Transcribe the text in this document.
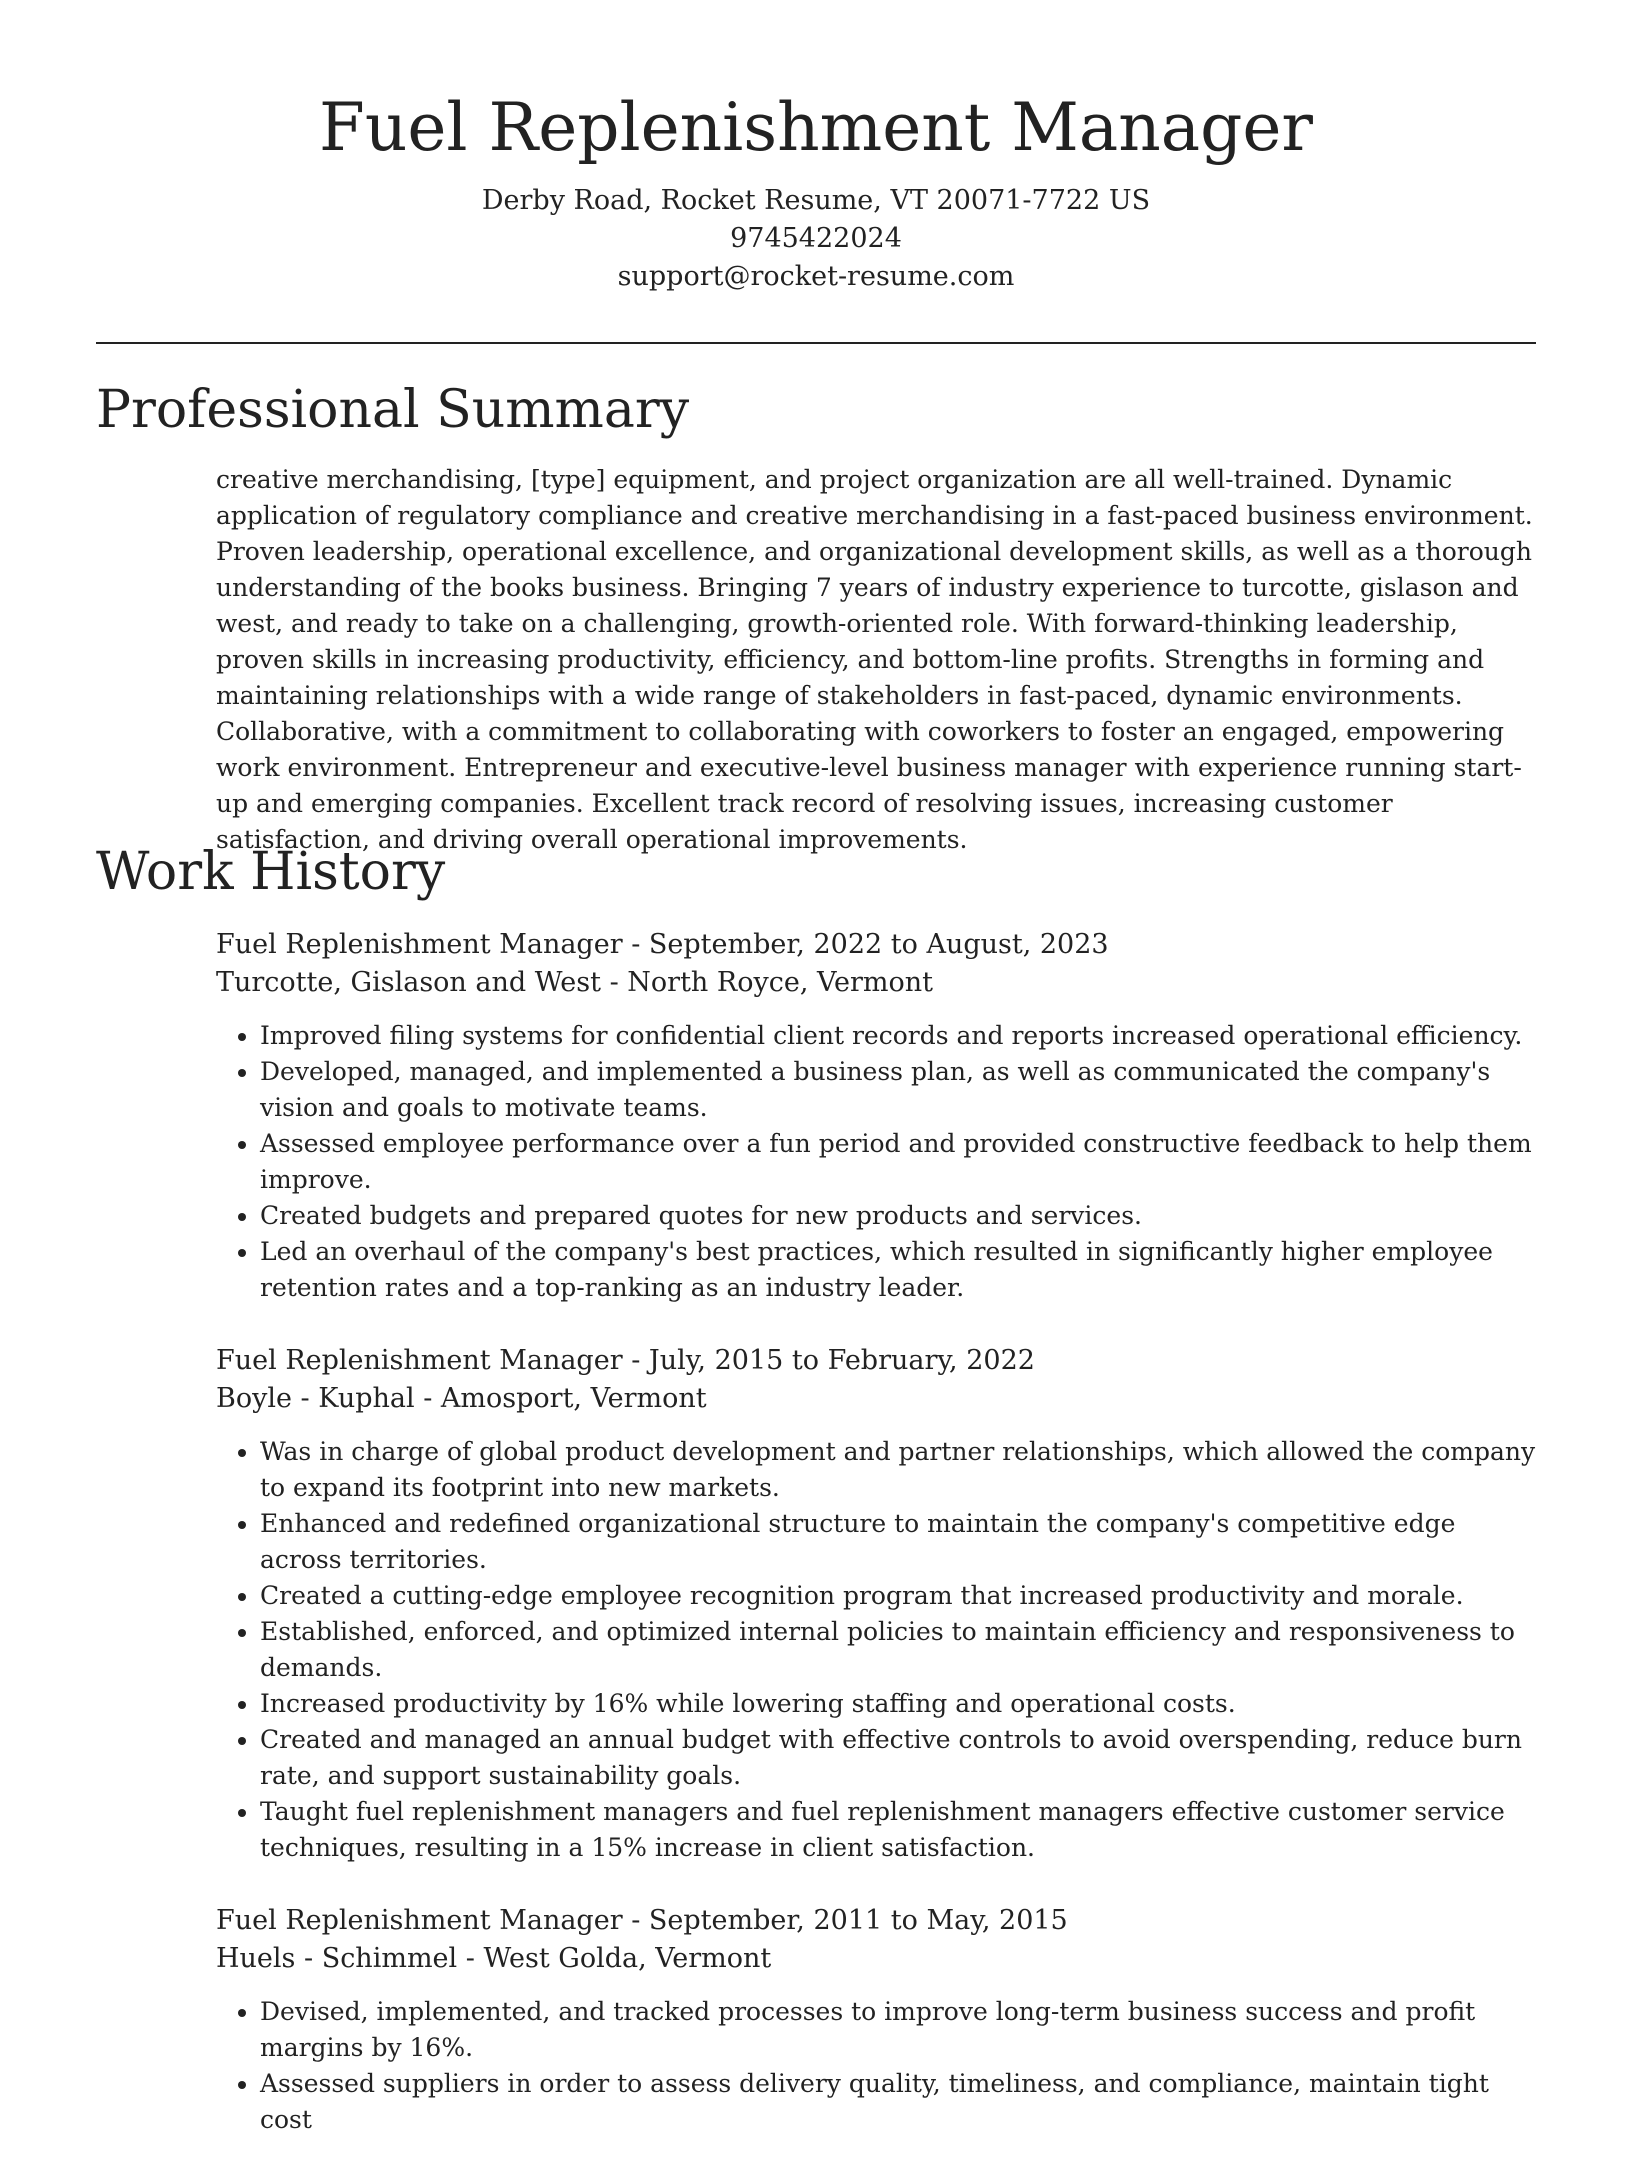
Fuel Replenishment Manager
Derby Road, Rocket Resume, VT 20071-7722 US
9745422024
support@rocket-resume.com
Professional Summary

creative merchandising, [type] equipment, and project organization are all well-trained. Dynamic application of regulatory compliance and creative merchandising in a fast-paced business environment. Proven leadership, operational excellence, and organizational development skills, as well as a thorough understanding of the books business. Bringing 7 years of industry experience to turcotte, gislason and west, and ready to take on a challenging, growth-oriented role. With forward-thinking leadership, proven skills in increasing productivity, efficiency, and bottom-line profits. Strengths in forming and maintaining relationships with a wide range of stakeholders in fast-paced, dynamic environments. Collaborative, with a commitment to collaborating with coworkers to foster an engaged, empowering work environment. Entrepreneur and executive-level business manager with experience running start-up and emerging companies. Excellent track record of resolving issues, increasing customer satisfaction, and driving overall operational improvements.

Work History
Fuel Replenishment Manager - September, 2022 to August, 2023
Turcotte, Gislason and West - North Royce, Vermont
• Improved filing systems for confidential client records and reports increased operational efficiency.
• Developed, managed, and implemented a business plan, as well as communicated the company's vision and goals to motivate teams.
• Assessed employee performance over a fun period and provided constructive feedback to help them improve.
• Created budgets and prepared quotes for new products and services.
• Led an overhaul of the company's best practices, which resulted in significantly higher employee retention rates and a top-ranking as an industry leader.
Fuel Replenishment Manager - July, 2015 to February, 2022
Boyle - Kuphal - Amosport, Vermont
• Was in charge of global product development and partner relationships, which allowed the company to expand its footprint into new markets.
• Enhanced and redefined organizational structure to maintain the company's competitive edge across territories.
• Created a cutting-edge employee recognition program that increased productivity and morale.
• Established, enforced, and optimized internal policies to maintain efficiency and responsiveness to demands.
• Increased productivity by 16% while lowering staffing and operational costs.
• Created and managed an annual budget with effective controls to avoid overspending, reduce burn rate, and support sustainability goals.
• Taught fuel replenishment managers and fuel replenishment managers effective customer service techniques, resulting in a 15% increase in client satisfaction.
Fuel Replenishment Manager - September, 2011 to May, 2015
Huels - Schimmel - West Golda, Vermont
• Devised, implemented, and tracked processes to improve long-term business success and profit margins by 16%.
• Assessed suppliers in order to assess delivery quality, timeliness, and compliance, maintain tight cost
